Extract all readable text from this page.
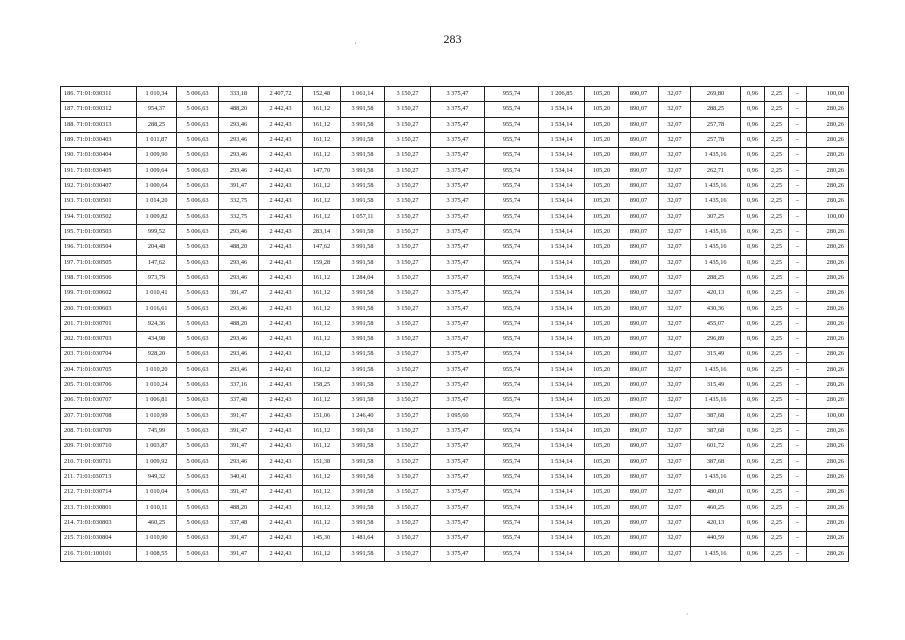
283
·
·
186. 71:01:030311	1 010,34	5 006,63	333,18	2 407,72	152,48	1 061,14	3 150,27	3 375,47	955,74	1 206,85	105,20	890,07	32,07	269,80	0,96	2,25	–	100,00
187. 71:01:030312	954,37	5 006,63	488,20	2 442,43	161,12	3 991,58	3 150,27	3 375,47	955,74	1 534,14	105,20	890,07	32,07	288,25	0,96	2,25	–	280,26
188. 71:01:030313	288,25	5 006,63	293,46	2 442,43	161,12	3 991,58	3 150,27	3 375,47	955,74	1 534,14	105,20	890,07	32,07	257,78	0,96	2,25	–	280,26
189. 71:01:030403	1 011,87	5 006,63	293,46	2 442,43	161,12	3 991,58	3 150,27	3 375,47	955,74	1 534,14	105,20	890,07	32,07	257,78	0,96	2,25	–	280,26
190. 71:01:030404	1 009,90	5 006,63	293,46	2 442,43	161,12	3 991,58	3 150,27	3 375,47	955,74	1 534,14	105,20	890,07	32,07	1 435,16	0,96	2,25	–	280,26
191. 71:01:030405	1 009,64	5 006,63	293,46	2 442,43	147,70	3 991,58	3 150,27	3 375,47	955,74	1 534,14	105,20	890,07	32,07	262,71	0,96	2,25	–	280,26
192. 71:01:030407	1 000,64	5 006,63	391,47	2 442,43	161,12	3 991,58	3 150,27	3 375,47	955,74	1 534,14	105,20	890,07	32,07	1 435,16	0,96	2,25	–	280,26
193. 71:01:030501	1 014,20	5 006,63	332,75	2 442,43	161,12	3 991,58	3 150,27	3 375,47	955,74	1 534,14	105,20	890,07	32,07	1 435,16	0,96	2,25	–	280,26
194. 71:01:030502	1 009,82	5 006,63	332,75	2 442,43	161,12	1 057,11	3 150,27	3 375,47	955,74	1 534,14	105,20	890,07	32,07	307,25	0,96	2,25	–	100,00
195. 71:01:030503	999,52	5 006,63	293,46	2 442,43	283,14	3 991,58	3 150,27	3 375,47	955,74	1 534,14	105,20	890,07	32,07	1 435,16	0,96	2,25	–	280,26
196. 71:01:030504	204,48	5 006,63	488,20	2 442,43	147,62	3 991,58	3 150,27	3 375,47	955,74	1 534,14	105,20	890,07	32,07	1 435,16	0,96	2,25	–	280,26
197. 71:01:030505	147,62	5 006,63	293,46	2 442,43	159,28	3 991,58	3 150,27	3 375,47	955,74	1 534,14	105,20	890,07	32,07	1 435,16	0,96	2,25	–	280,26
198. 71:01:030506	973,79	5 006,63	293,46	2 442,43	161,12	1 284,04	3 150,27	3 375,47	955,74	1 534,14	105,20	890,07	32,07	288,25	0,96	2,25	–	280,26
199. 71:01:030602	1 010,41	5 006,63	391,47	2 442,43	161,12	3 991,58	3 150,27	3 375,47	955,74	1 534,14	105,20	890,07	32,07	420,13	0,96	2,25	–	280,26
200. 71:01:030603	1 016,61	5 006,63	293,46	2 442,43	161,12	3 991,58	3 150,27	3 375,47	955,74	1 534,14	105,20	890,07	32,07	430,36	0,96	2,25	–	280,26
201. 71:01:030701	924,36	5 006,63	488,20	2 442,43	161,12	3 991,58	3 150,27	3 375,47	955,74	1 534,14	105,20	890,07	32,07	455,07	0,96	2,25	–	280,26
202. 71:01:030703	434,98	5 006,63	293,46	2 442,43	161,12	3 991,58	3 150,27	3 375,47	955,74	1 534,14	105,20	890,07	32,07	296,89	0,96	2,25	–	280,26
203. 71:01:030704	928,20	5 006,63	293,46	2 442,43	161,12	3 991,58	3 150,27	3 375,47	955,74	1 534,14	105,20	890,07	32,07	315,49	0,96	2,25	–	280,26
204. 71:01:030705	1 010,20	5 006,63	293,46	2 442,43	161,12	3 991,58	3 150,27	3 375,47	955,74	1 534,14	105,20	890,07	32,07	1 435,16	0,96	2,25	–	280,26
205. 71:01:030706	1 010,24	5 006,63	337,16	2 442,43	158,25	3 991,58	3 150,27	3 375,47	955,74	1 534,14	105,20	890,07	32,07	315,49	0,96	2,25	–	280,26
206. 71:01:030707	1 006,81	5 006,63	337,48	2 442,43	161,12	3 991,58	3 150,27	3 375,47	955,74	1 534,14	105,20	890,07	32,07	1 435,16	0,96	2,25	–	280,26
207. 71:01:030708	1 010,99	5 006,63	391,47	2 442,43	151,06	1 246,40	3 150,27	1 095,60	955,74	1 534,14	105,20	890,07	32,07	387,68	0,96	2,25	–	100,00
208. 71:01:030709	745,99	5 006,63	391,47	2 442,43	161,12	3 991,58	3 150,27	3 375,47	955,74	1 534,14	105,20	890,07	32,07	387,68	0,96	2,25	–	280,26
209. 71:01:030710	1 003,87	5 006,63	391,47	2 442,43	161,12	3 991,58	3 150,27	3 375,47	955,74	1 534,14	105,20	890,07	32,07	601,72	0,96	2,25	–	280,26
210. 71:01:030711	1 009,92	5 006,63	293,46	2 442,43	151,38	3 991,58	3 150,27	3 375,47	955,74	1 534,14	105,20	890,07	32,07	387,68	0,96	2,25	–	280,26
211. 71:01:030713	949,32	5 006,63	340,41	2 442,43	161,12	3 991,58	3 150,27	3 375,47	955,74	1 534,14	105,20	890,07	32,07	1 435,16	0,96	2,25	–	280,26
212. 71:01:030714	1 010,04	5 006,63	391,47	2 442,43	161,12	3 991,58	3 150,27	3 375,47	955,74	1 534,14	105,20	890,07	32,07	480,01	0,96	2,25	–	280,26
213. 71:01:030801	1 010,11	5 006,63	488,20	2 442,43	161,12	3 991,58	3 150,27	3 375,47	955,74	1 534,14	105,20	890,07	32,07	460,25	0,96	2,25	–	280,26
214. 71:01:030803	460,25	5 006,63	337,48	2 442,43	161,12	3 991,58	3 150,27	3 375,47	955,74	1 534,14	105,20	890,07	32,07	420,13	0,96	2,25	–	280,26
215. 71:01:030804	1 010,90	5 006,63	391,47	2 442,43	145,30	1 481,64	3 150,27	3 375,47	955,74	1 534,14	105,20	890,07	32,07	440,59	0,96	2,25	–	280,26
216. 71:01:100101	1 008,55	5 006,63	391,47	2 442,43	161,12	3 991,58	3 150,27	3 375,47	955,74	1 534,14	105,20	890,07	32,07	1 435,16	0,96	2,25	–	280,26
